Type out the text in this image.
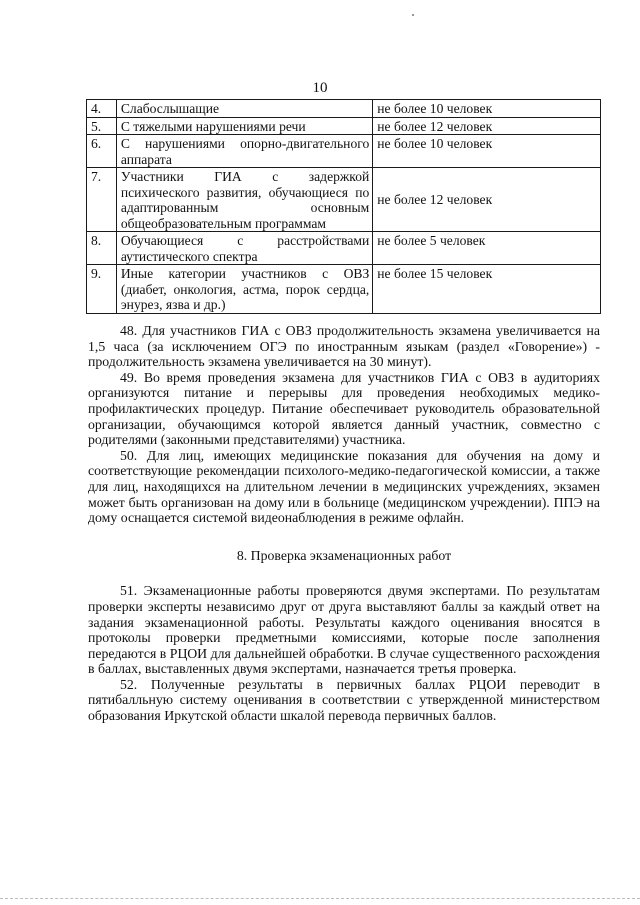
10
4.	Слабослышащие	не более 10 человек
5.	С тяжелыми нарушениями речи	не более 12 человек
6.	С нарушениями опорно-двигательного аппарата	не более 10 человек
7.	Участники ГИА с задержкой психического развития, обучающиеся по адаптированным основным общеобразовательным программам	не более 12 человек
8.	Обучающиеся с расстройствами аутистического спектра	не более 5 человек
9.	Иные категории участников с ОВЗ (диабет, онкология, астма, порок сердца, энурез, язва и др.)	не более 15 человек

48. Для участников ГИА с ОВЗ продолжительность экзамена увеличивается на 1,5 часа (за исключением ОГЭ по иностранным языкам (раздел «Говорение») - продолжительность экзамена увеличивается на 30 минут).

49. Во время проведения экзамена для участников ГИА с ОВЗ в аудиториях организуются питание и перерывы для проведения необходимых медико-профилактических процедур. Питание обеспечивает руководитель образовательной организации, обучающимся которой является данный участник, совместно с родителями (законными представителями) участника.

50. Для лиц, имеющих медицинские показания для обучения на дому и соответствующие рекомендации психолого-медико-педагогической комиссии, а также для лиц, находящихся на длительном лечении в медицинских учреждениях, экзамен может быть организован на дому или в больнице (медицинском учреждении). ППЭ на дому оснащается системой видеонаблюдения в режиме офлайн.

8. Проверка экзаменационных работ

51. Экзаменационные работы проверяются двумя экспертами. По результатам проверки эксперты независимо друг от друга выставляют баллы за каждый ответ на задания экзаменационной работы. Результаты каждого оценивания вносятся в протоколы проверки предметными комиссиями, которые после заполнения передаются в РЦОИ для дальнейшей обработки. В случае существенного расхождения в баллах, выставленных двумя экспертами, назначается третья проверка.

52. Полученные результаты в первичных баллах РЦОИ переводит в пятибалльную систему оценивания в соответствии с утвержденной министерством образования Иркутской области шкалой перевода первичных баллов.
